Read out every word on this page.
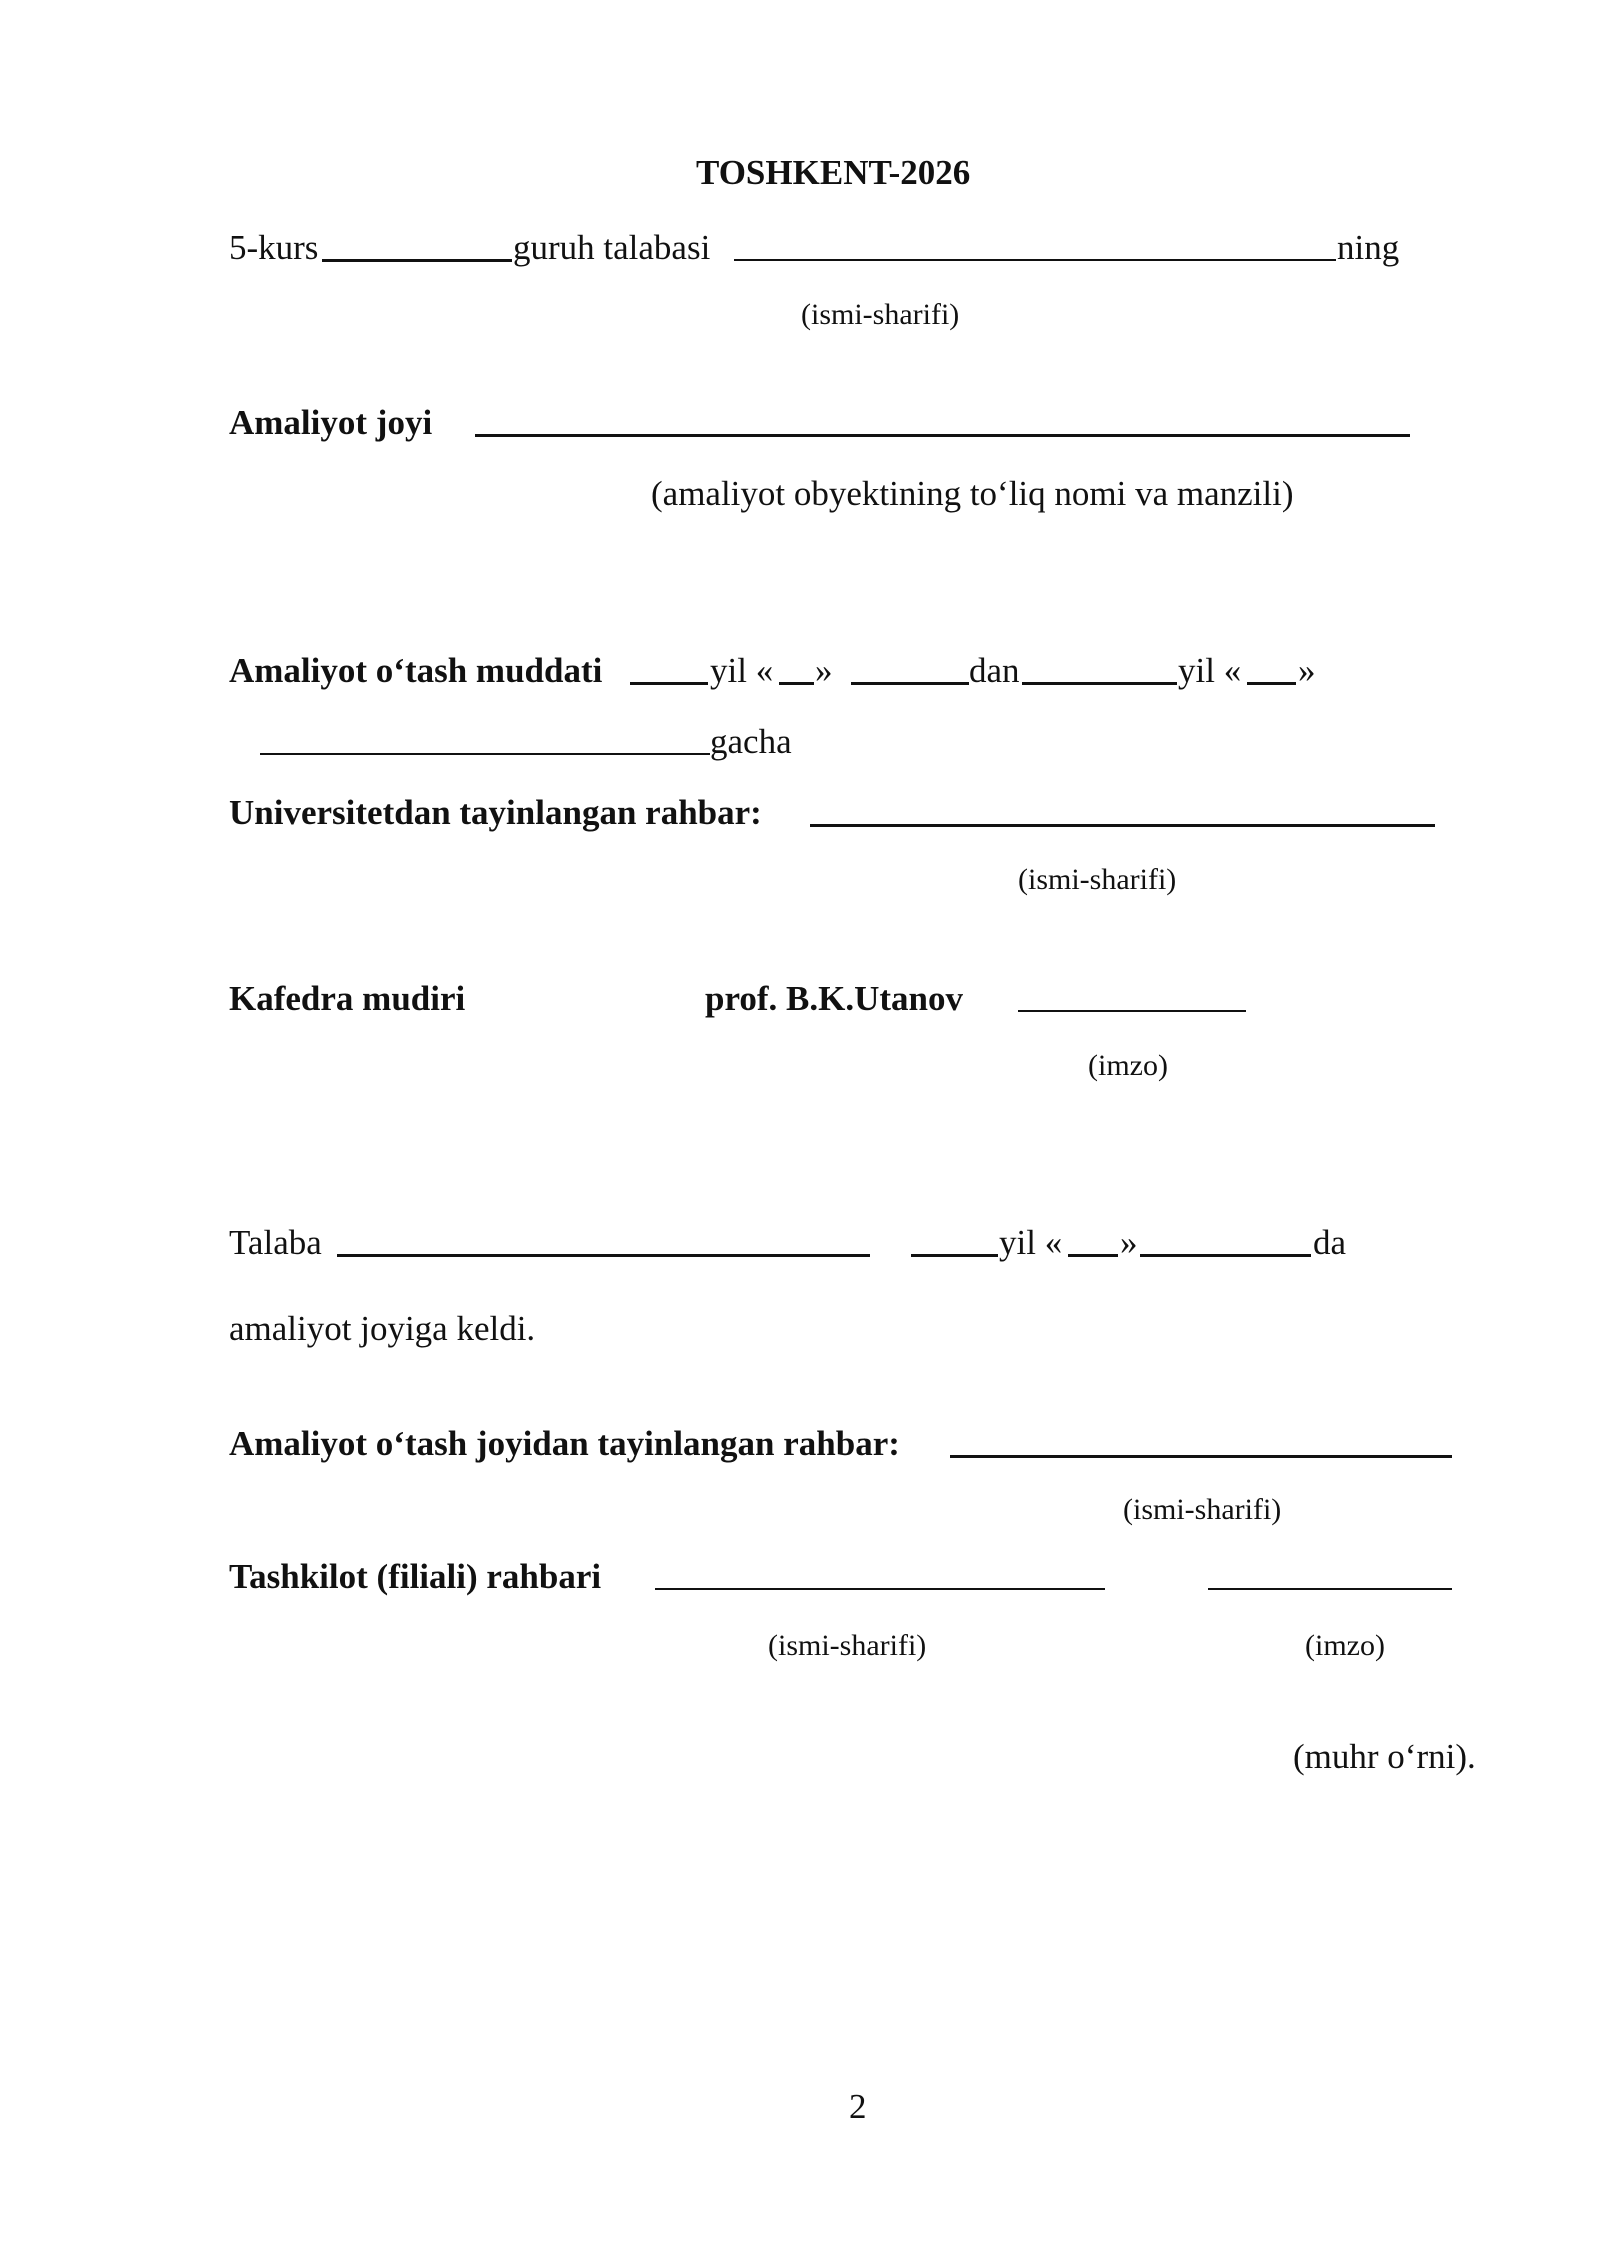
TOSHKENT-2026
5-kurs	guruh talabasi	ning
(ismi-sharifi)
Amaliyot joyi
(amaliyot obyektining to‘liq nomi va manzili)
Amaliyot o‘tash muddati	yil « »	dan	yil « »
gacha
Universitetdan tayinlangan rahbar:
(ismi-sharifi)
Kafedra mudiri	prof. B.K.Utanov
(imzo)
Talaba	yil « »	da
amaliyot joyiga keldi.
Amaliyot o‘tash joyidan tayinlangan rahbar:
(ismi-sharifi)
Tashkilot (filiali) rahbari
(ismi-sharifi)	(imzo)
(muhr o‘rni).
2
